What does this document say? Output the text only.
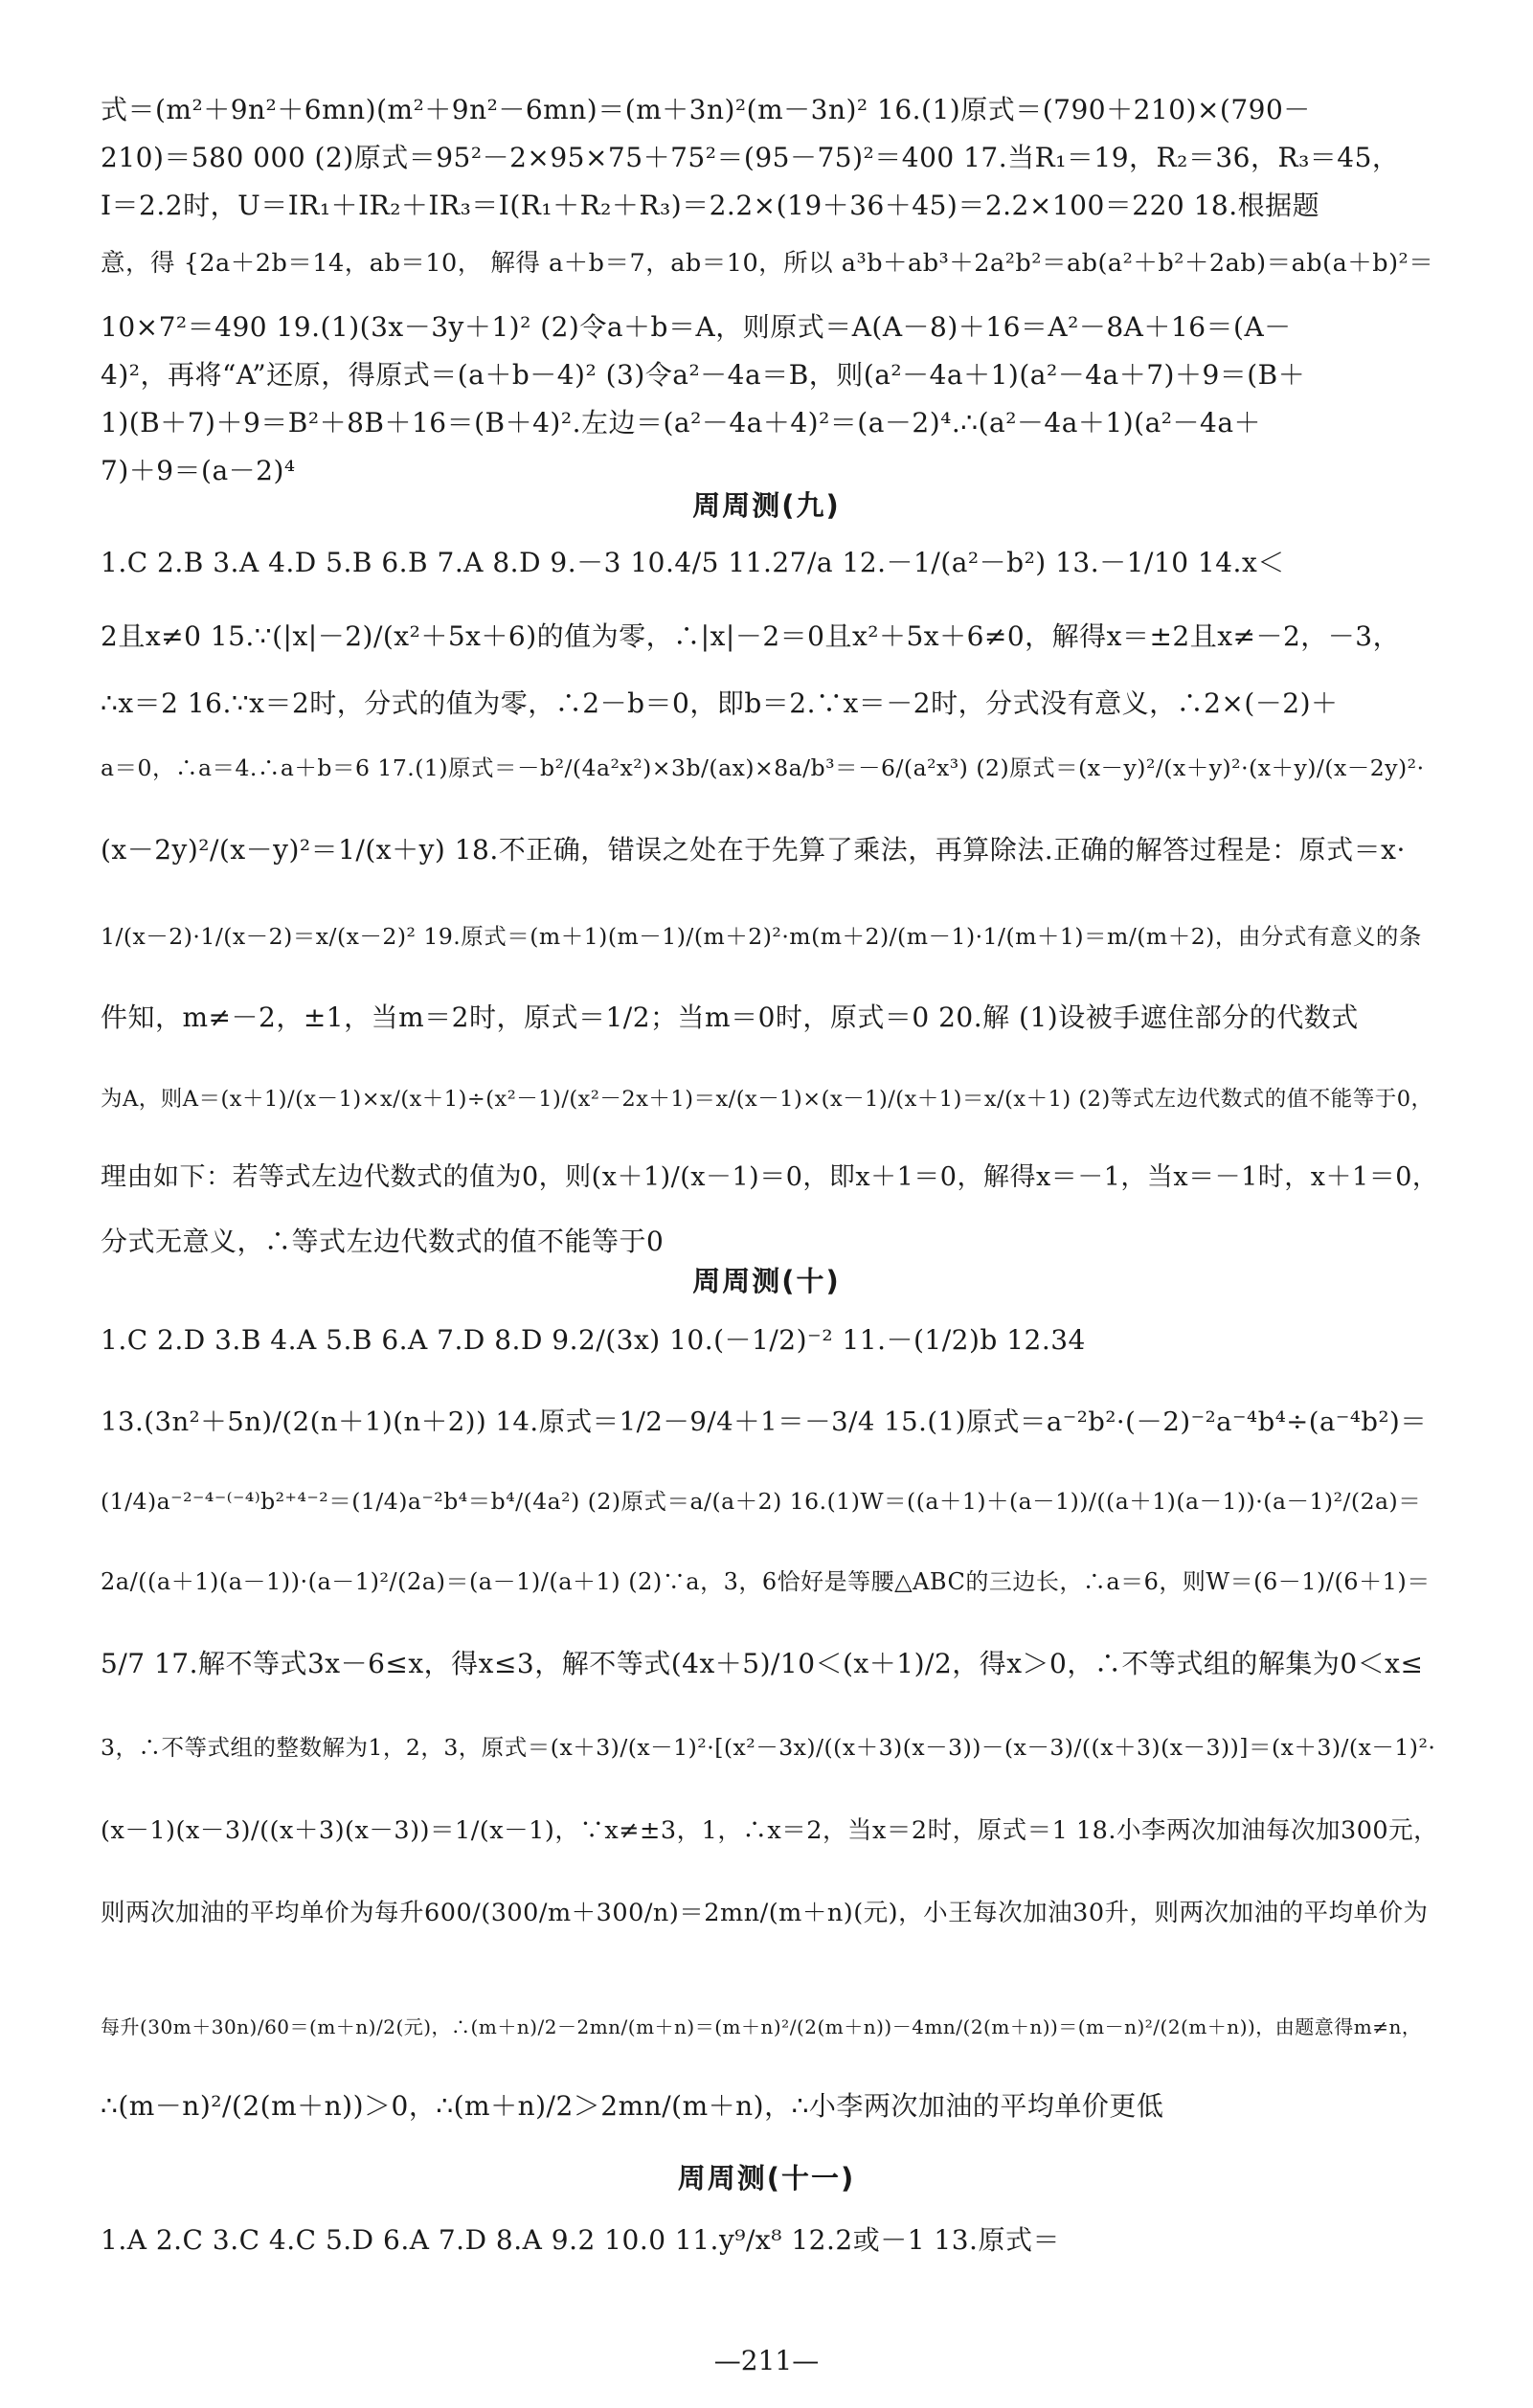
式＝(m²＋9n²＋6mn)(m²＋9n²－6mn)＝(m＋3n)²(m－3n)² 16.(1)原式＝(790＋210)×(790－
210)＝580 000 (2)原式＝95²－2×95×75＋75²＝(95－75)²＝400 17.当R₁＝19，R₂＝36，R₃＝45，
I＝2.2时，U＝IR₁＋IR₂＋IR₃＝I(R₁＋R₂＋R₃)＝2.2×(19＋36＋45)＝2.2×100＝220 18.根据题
意，得 {2a＋2b＝14，ab＝10， 解得 a＋b＝7，ab＝10，所以 a³b＋ab³＋2a²b²＝ab(a²＋b²＋2ab)＝ab(a＋b)²＝
10×7²＝490 19.(1)(3x－3y＋1)² (2)令a＋b＝A，则原式＝A(A－8)＋16＝A²－8A＋16＝(A－
4)²，再将“A”还原，得原式＝(a＋b－4)² (3)令a²－4a＝B，则(a²－4a＋1)(a²－4a＋7)＋9＝(B＋
1)(B＋7)＋9＝B²＋8B＋16＝(B＋4)².左边＝(a²－4a＋4)²＝(a－2)⁴.∴(a²－4a＋1)(a²－4a＋
7)＋9＝(a－2)⁴
周周测(九)
1.C 2.B 3.A 4.D 5.B 6.B 7.A 8.D 9.－3 10.4/5 11.27/a 12.－1/(a²－b²) 13.－1/10 14.x＜
2且x≠0 15.∵(|x|－2)/(x²＋5x＋6)的值为零，∴|x|－2＝0且x²＋5x＋6≠0，解得x＝±2且x≠－2，－3，
∴x＝2 16.∵x＝2时，分式的值为零，∴2－b＝0，即b＝2.∵x＝－2时，分式没有意义，∴2×(－2)＋
a＝0，∴a＝4.∴a＋b＝6 17.(1)原式＝－b²/(4a²x²)×3b/(ax)×8a/b³＝－6/(a²x³) (2)原式＝(x－y)²/(x＋y)²·(x＋y)/(x－2y)²·
(x－2y)²/(x－y)²＝1/(x＋y) 18.不正确，错误之处在于先算了乘法，再算除法.正确的解答过程是：原式＝x·
1/(x－2)·1/(x－2)＝x/(x－2)² 19.原式＝(m＋1)(m－1)/(m＋2)²·m(m＋2)/(m－1)·1/(m＋1)＝m/(m＋2)，由分式有意义的条
件知，m≠－2，±1，当m＝2时，原式＝1/2；当m＝0时，原式＝0 20.解 (1)设被手遮住部分的代数式
为A，则A＝(x＋1)/(x－1)×x/(x＋1)÷(x²－1)/(x²－2x＋1)＝x/(x－1)×(x－1)/(x＋1)＝x/(x＋1) (2)等式左边代数式的值不能等于0，
理由如下：若等式左边代数式的值为0，则(x＋1)/(x－1)＝0，即x＋1＝0，解得x＝－1，当x＝－1时，x＋1＝0，
分式无意义，∴等式左边代数式的值不能等于0
周周测(十)
1.C 2.D 3.B 4.A 5.B 6.A 7.D 8.D 9.2/(3x) 10.(－1/2)⁻² 11.－(1/2)b 12.34
13.(3n²＋5n)/(2(n＋1)(n＋2)) 14.原式＝1/2－9/4＋1＝－3/4 15.(1)原式＝a⁻²b²·(－2)⁻²a⁻⁴b⁴÷(a⁻⁴b²)＝
(1/4)a⁻²⁻⁴⁻⁽⁻⁴⁾b²⁺⁴⁻²＝(1/4)a⁻²b⁴＝b⁴/(4a²) (2)原式＝a/(a＋2) 16.(1)W＝((a＋1)＋(a－1))/((a＋1)(a－1))·(a－1)²/(2a)＝
2a/((a＋1)(a－1))·(a－1)²/(2a)＝(a－1)/(a＋1) (2)∵a，3，6恰好是等腰△ABC的三边长，∴a＝6，则W＝(6－1)/(6＋1)＝
5/7 17.解不等式3x－6≤x，得x≤3，解不等式(4x＋5)/10＜(x＋1)/2，得x＞0，∴不等式组的解集为0＜x≤
3，∴不等式组的整数解为1，2，3，原式＝(x＋3)/(x－1)²·[(x²－3x)/((x＋3)(x－3))－(x－3)/((x＋3)(x－3))]＝(x＋3)/(x－1)²·
(x－1)(x－3)/((x＋3)(x－3))＝1/(x－1)，∵x≠±3，1，∴x＝2，当x＝2时，原式＝1 18.小李两次加油每次加300元，
则两次加油的平均单价为每升600/(300/m＋300/n)＝2mn/(m＋n)(元)，小王每次加油30升，则两次加油的平均单价为
每升(30m＋30n)/60＝(m＋n)/2(元)，∴(m＋n)/2－2mn/(m＋n)＝(m＋n)²/(2(m＋n))－4mn/(2(m＋n))＝(m－n)²/(2(m＋n))，由题意得m≠n，
∴(m－n)²/(2(m＋n))＞0，∴(m＋n)/2＞2mn/(m＋n)，∴小李两次加油的平均单价更低
周周测(十一)
1.A 2.C 3.C 4.C 5.D 6.A 7.D 8.A 9.2 10.0 11.y⁹/x⁸ 12.2或－1 13.原式＝
—211—
